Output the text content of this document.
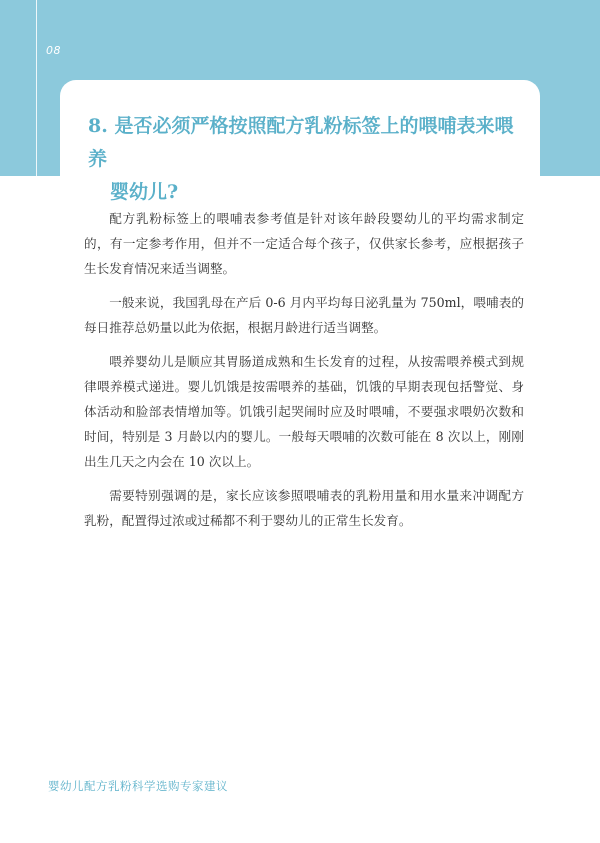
08
8. 是否必须严格按照配方乳粉标签上的喂哺表来喂养
婴幼儿?

配方乳粉标签上的喂哺表参考值是针对该年龄段婴幼儿的平均需求制定的，有一定参考作用，但并不一定适合每个孩子，仅供家长参考，应根据孩子生长发育情况来适当调整。

一般来说，我国乳母在产后 0-6 月内平均每日泌乳量为 750ml，喂哺表的每日推荐总奶量以此为依据，根据月龄进行适当调整。

喂养婴幼儿是顺应其胃肠道成熟和生长发育的过程，从按需喂养模式到规律喂养模式递进。婴儿饥饿是按需喂养的基础，饥饿的早期表现包括警觉、身体活动和脸部表情增加等。饥饿引起哭闹时应及时喂哺，不要强求喂奶次数和时间，特别是 3 月龄以内的婴儿。一般每天喂哺的次数可能在 8 次以上，刚刚出生几天之内会在 10 次以上。

需要特别强调的是，家长应该参照喂哺表的乳粉用量和用水量来冲调配方乳粉，配置得过浓或过稀都不利于婴幼儿的正常生长发育。

婴幼儿配方乳粉科学选购专家建议
